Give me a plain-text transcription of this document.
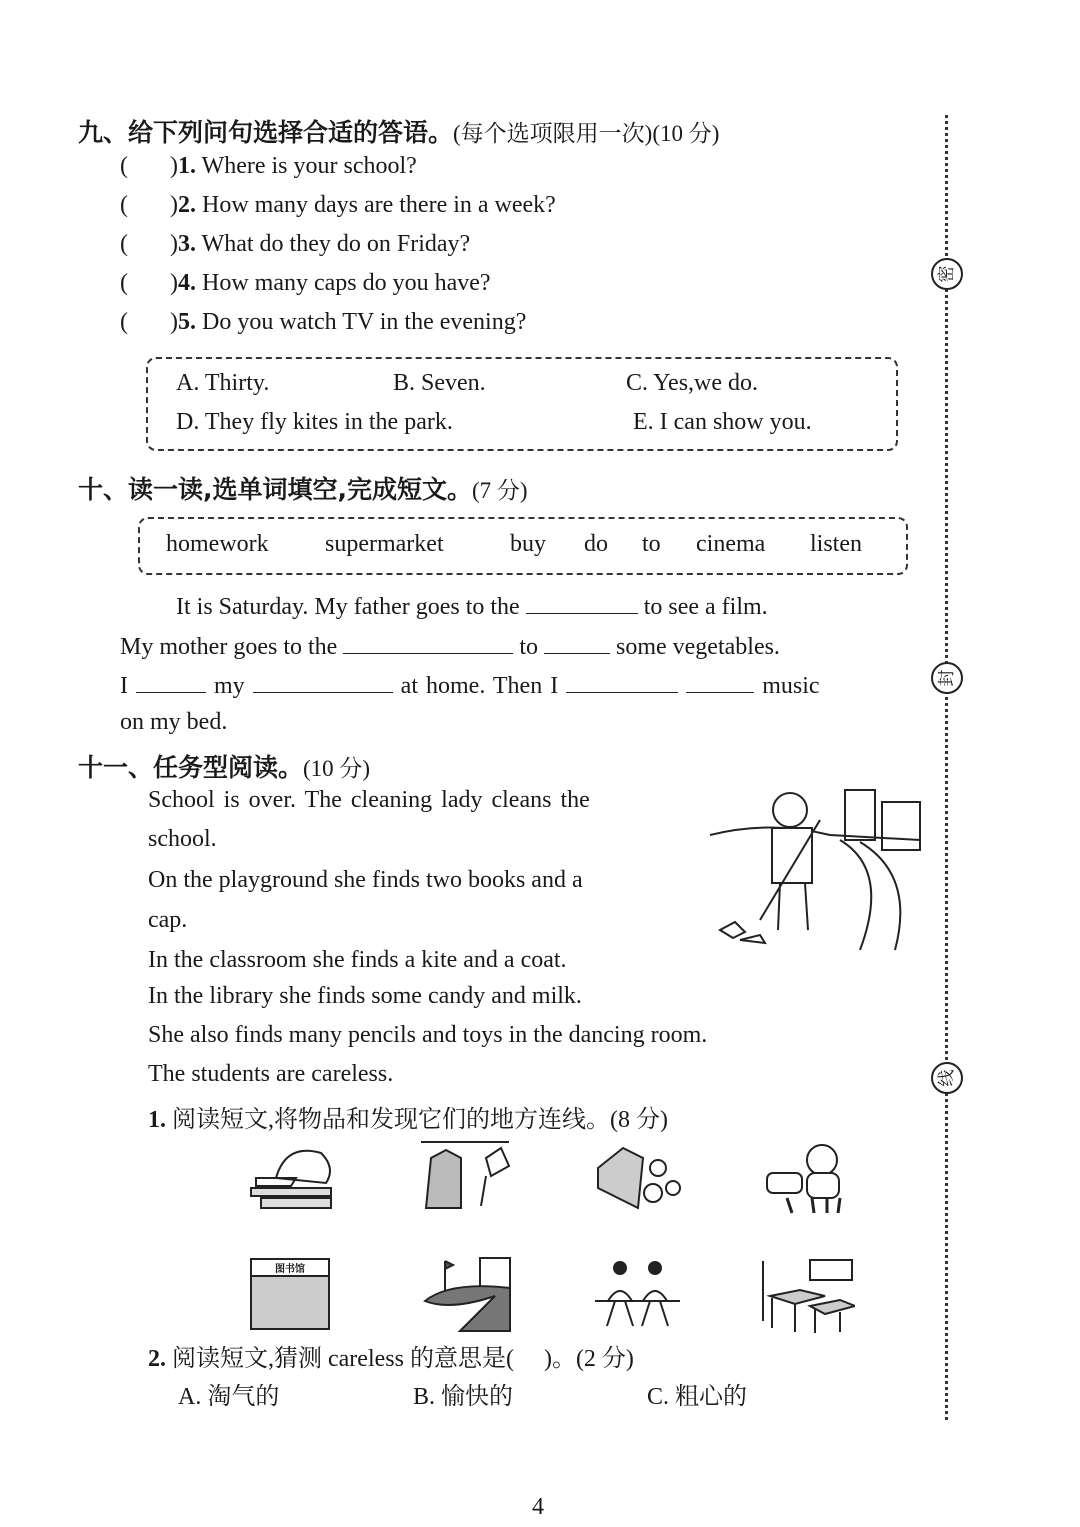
密
封
线
九、给下列问句选择合适的答语。(每个选项限用一次)(10 分)
(       )1. Where is your school?
(       )2. How many days are there in a week?
(       )3. What do they do on Friday?
(       )4. How many caps do you have?
(       )5. Do you watch TV in the evening?
A. Thirty.	B. Seven.	C. Yes,we do.
D. They fly kites in the park.	E. I can show you.
十、读一读,选单词填空,完成短文。(7 分)
homework supermarket	buy do to cinema listen
It is Saturday. My father goes to the	to see a film.
My mother goes to the	to	some vegetables.
I	my	at home. Then I	music
on my bed.
十一、任务型阅读。(10 分)
School is over. The cleaning lady cleans the
school.
On the playground she finds two books and a
cap.
In the classroom she finds a kite and a coat.
In the library she finds some candy and milk.
She also finds many pencils and toys in the dancing room.
The students are careless.
1. 阅读短文,将物品和发现它们的地方连线。(8 分)
图书馆
2. 阅读短文,猜测 careless 的意思是( )。(2 分)
A. 淘气的	B. 愉快的	C. 粗心的
4
